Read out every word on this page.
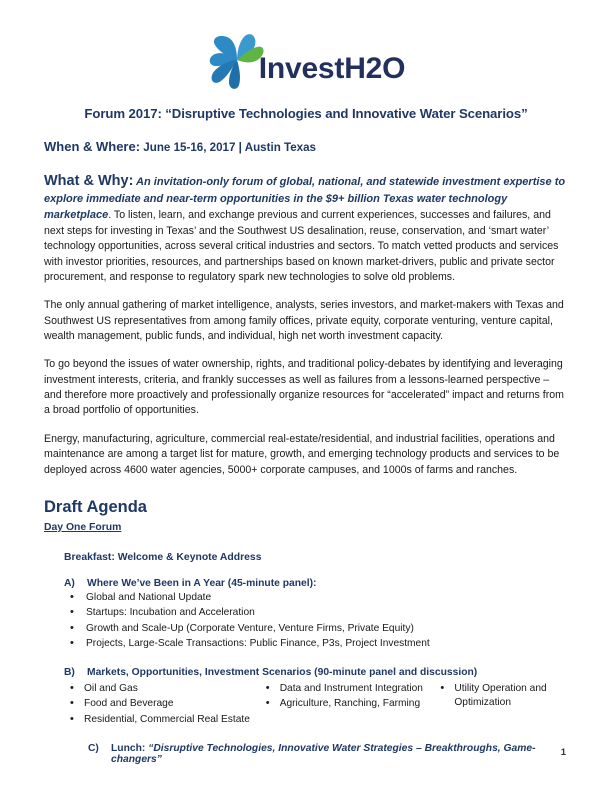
InvestH2O
Forum 2017: “Disruptive Technologies and Innovative Water Scenarios”
When & Where: June 15-16, 2017 | Austin Texas
What & Why: An invitation-only forum of global, national, and statewide investment expertise to explore immediate and near-term opportunities in the $9+ billion Texas water technology marketplace. To listen, learn, and exchange previous and current experiences, successes and failures, and next steps for investing in Texas’ and the Southwest US desalination, reuse, conservation, and ‘smart water’ technology opportunities, across several critical industries and sectors. To match vetted products and services with investor priorities, resources, and partnerships based on known market-drivers, public and private sector procurement, and response to regulatory spark new technologies to solve old problems.

The only annual gathering of market intelligence, analysts, series investors, and market-makers with Texas and Southwest US representatives from among family offices, private equity, corporate venturing, venture capital, wealth management, public funds, and individual, high net worth investment capacity.

To go beyond the issues of water ownership, rights, and traditional policy-debates by identifying and leveraging investment interests, criteria, and frankly successes as well as failures from a lessons-learned perspective – and therefore more proactively and professionally organize resources for “accelerated” impact and returns from a broad portfolio of opportunities.

Energy, manufacturing, agriculture, commercial real-estate/residential, and industrial facilities, operations and maintenance are among a target list for mature, growth, and emerging technology products and services to be deployed across 4600 water agencies, 5000+ corporate campuses, and 1000s of farms and ranches.

Draft Agenda
Day One Forum
Breakfast: Welcome & Keynote Address
A) Where We’ve Been in A Year (45-minute panel):
• Global and National Update
• Startups: Incubation and Acceleration
• Growth and Scale-Up (Corporate Venture, Venture Firms, Private Equity)
• Projects, Large-Scale Transactions: Public Finance, P3s, Project Investment
B) Markets, Opportunities, Investment Scenarios (90-minute panel and discussion)
• Oil and Gas
• Food and Beverage
• Residential, Commercial Real Estate
• Data and Instrument Integration
• Agriculture, Ranching, Farming
• Utility Operation and Optimization
C) Lunch: “Disruptive Technologies, Innovative Water Strategies – Breakthroughs, Game-changers”
1
